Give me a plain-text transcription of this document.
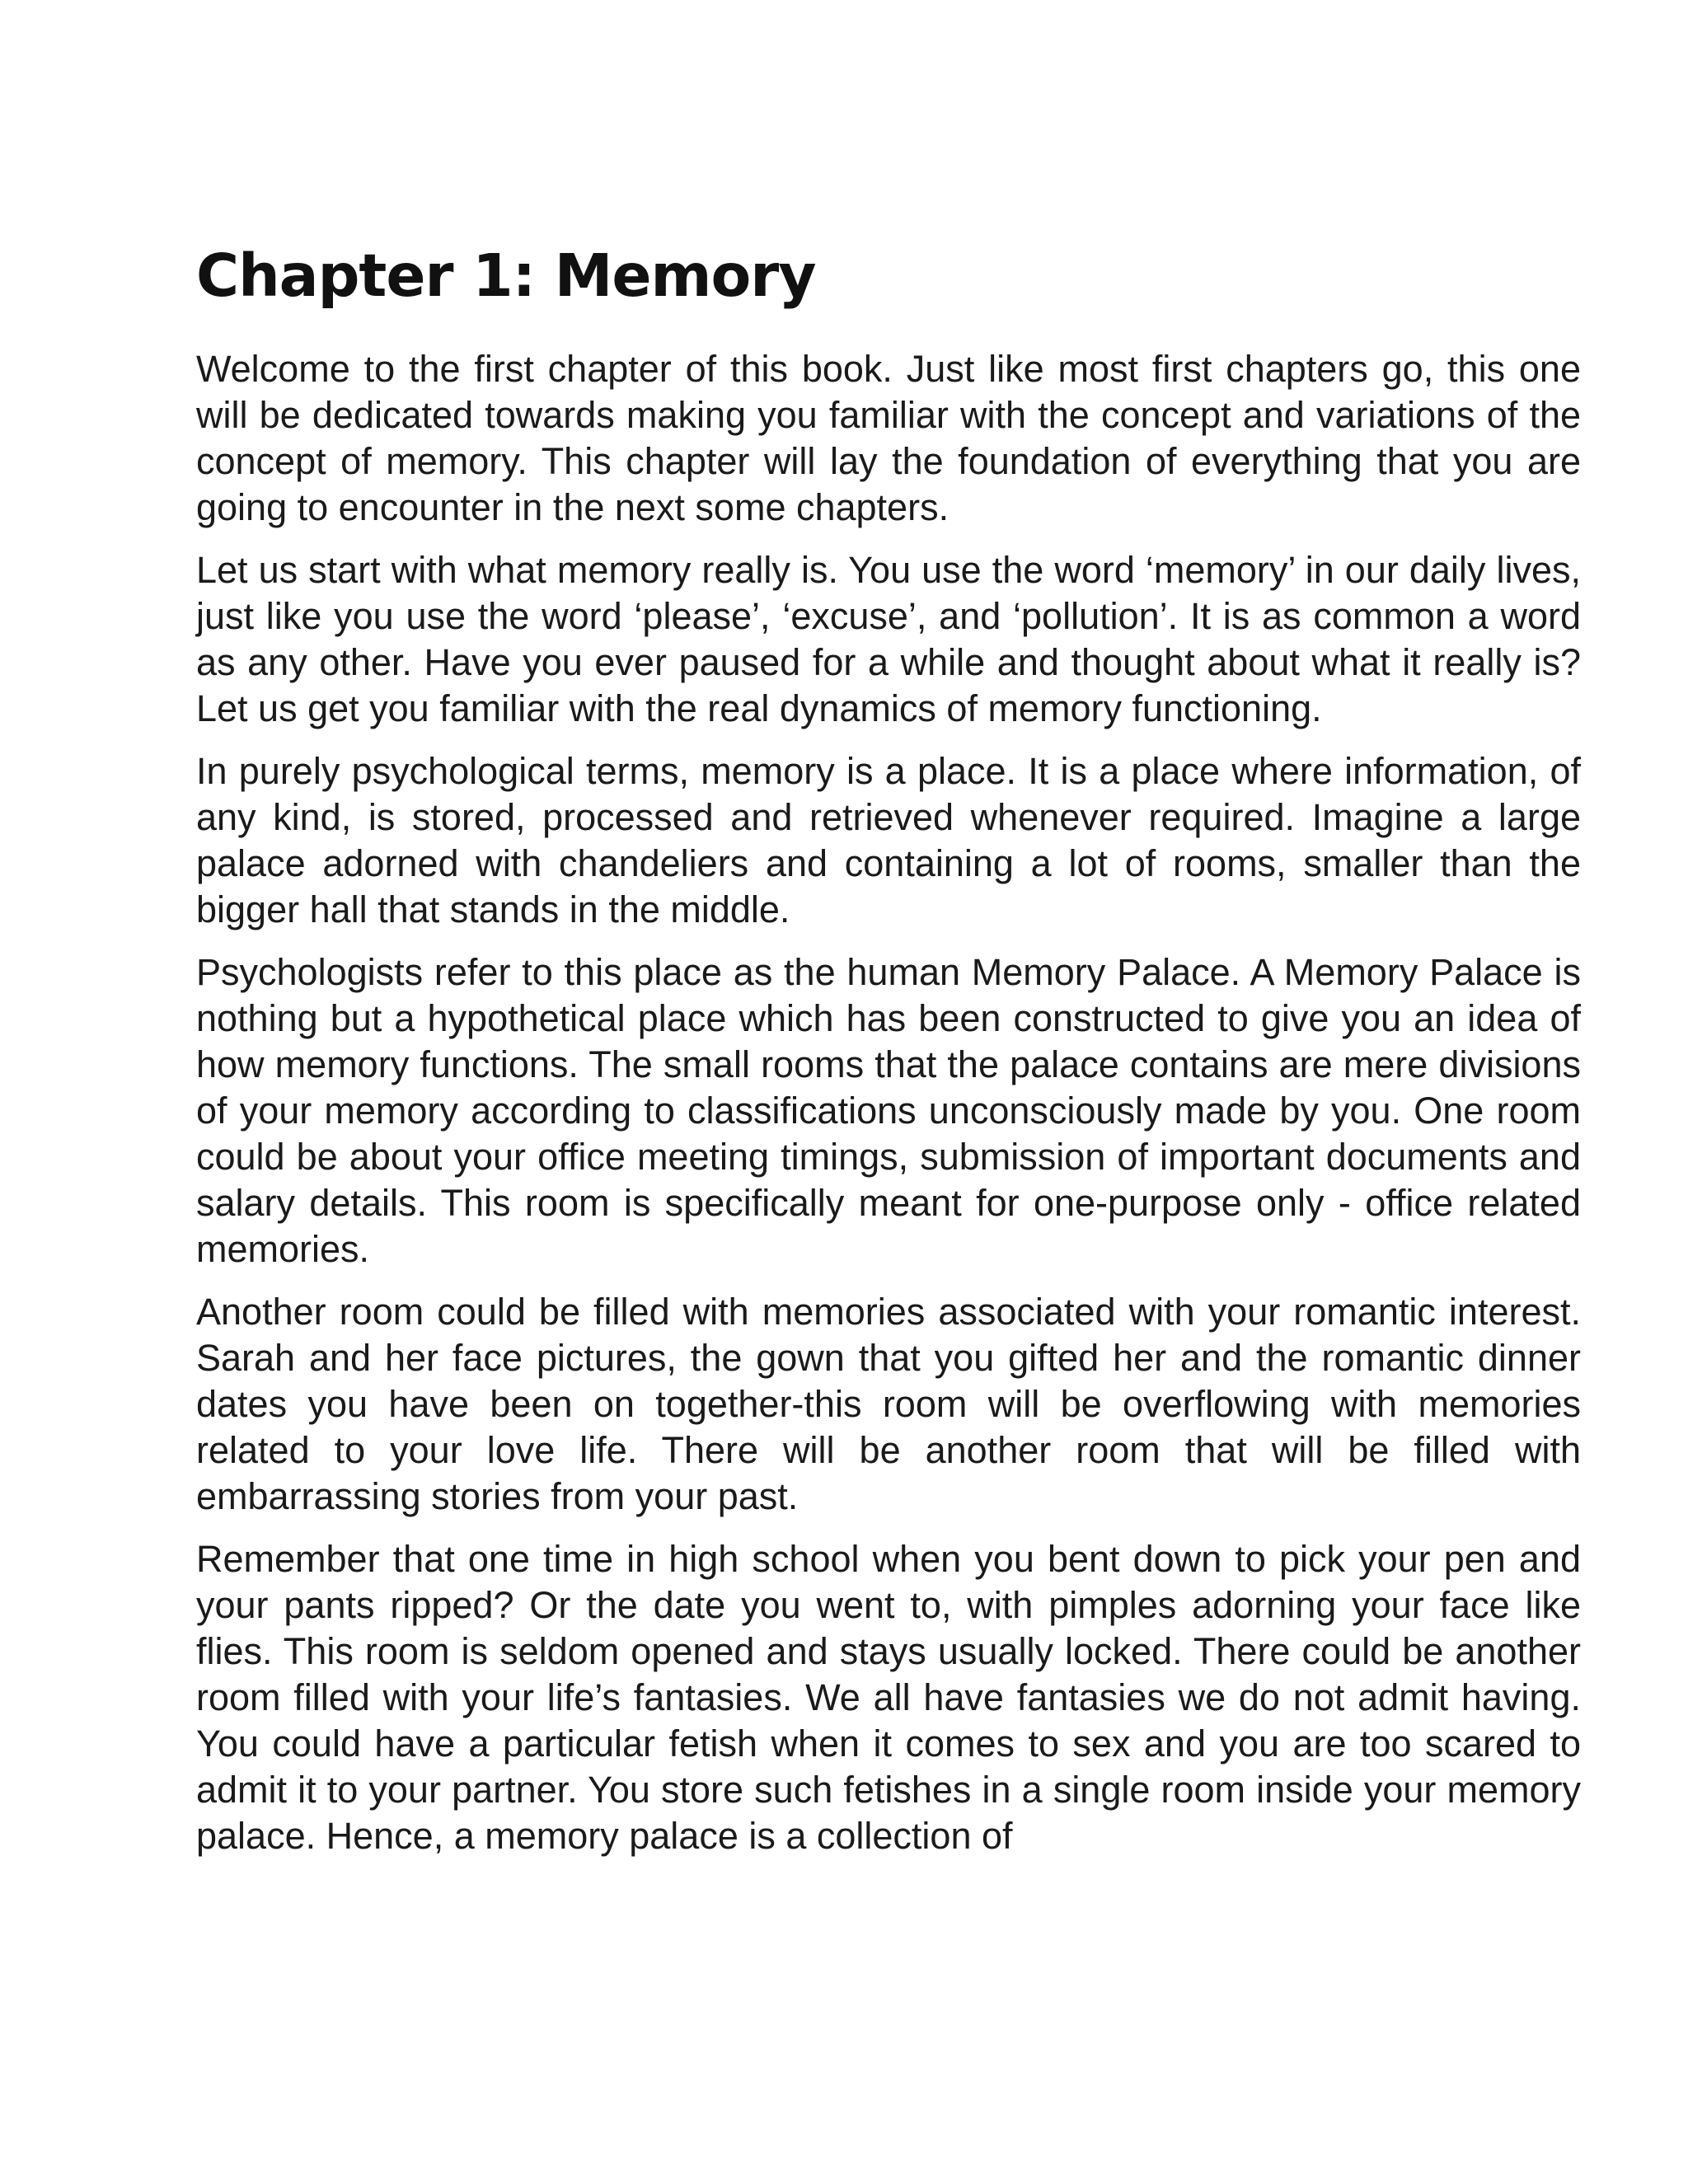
Chapter 1: Memory

Welcome to the first chapter of this book. Just like most first chapters go, this one will be dedicated towards making you familiar with the concept and variations of the concept of memory. This chapter will lay the foundation of everything that you are going to encounter in the next some chapters.

Let us start with what memory really is. You use the word ‘memory’ in our daily lives, just like you use the word ‘please’, ‘excuse’, and ‘pollution’. It is as common a word as any other. Have you ever paused for a while and thought about what it really is? Let us get you familiar with the real dynamics of memory functioning.

In purely psychological terms, memory is a place. It is a place where information, of any kind, is stored, processed and retrieved whenever required. Imagine a large palace adorned with chandeliers and containing a lot of rooms, smaller than the bigger hall that stands in the middle.

Psychologists refer to this place as the human Memory Palace. A Memory Palace is nothing but a hypothetical place which has been constructed to give you an idea of how memory functions. The small rooms that the palace contains are mere divisions of your memory according to classifications unconsciously made by you. One room could be about your office meeting timings, submission of important documents and salary details. This room is specifically meant for one-purpose only - office related memories.

Another room could be filled with memories associated with your romantic interest. Sarah and her face pictures, the gown that you gifted her and the romantic dinner dates you have been on together-this room will be overflowing with memories related to your love life. There will be another room that will be filled with embarrassing stories from your past.

Remember that one time in high school when you bent down to pick your pen and your pants ripped? Or the date you went to, with pimples adorning your face like flies. This room is seldom opened and stays usually locked. There could be another room filled with your life’s fantasies. We all have fantasies we do not admit having. You could have a particular fetish when it comes to sex and you are too scared to admit it to your partner. You store such fetishes in a single room inside your memory palace. Hence, a memory palace is a collection of
